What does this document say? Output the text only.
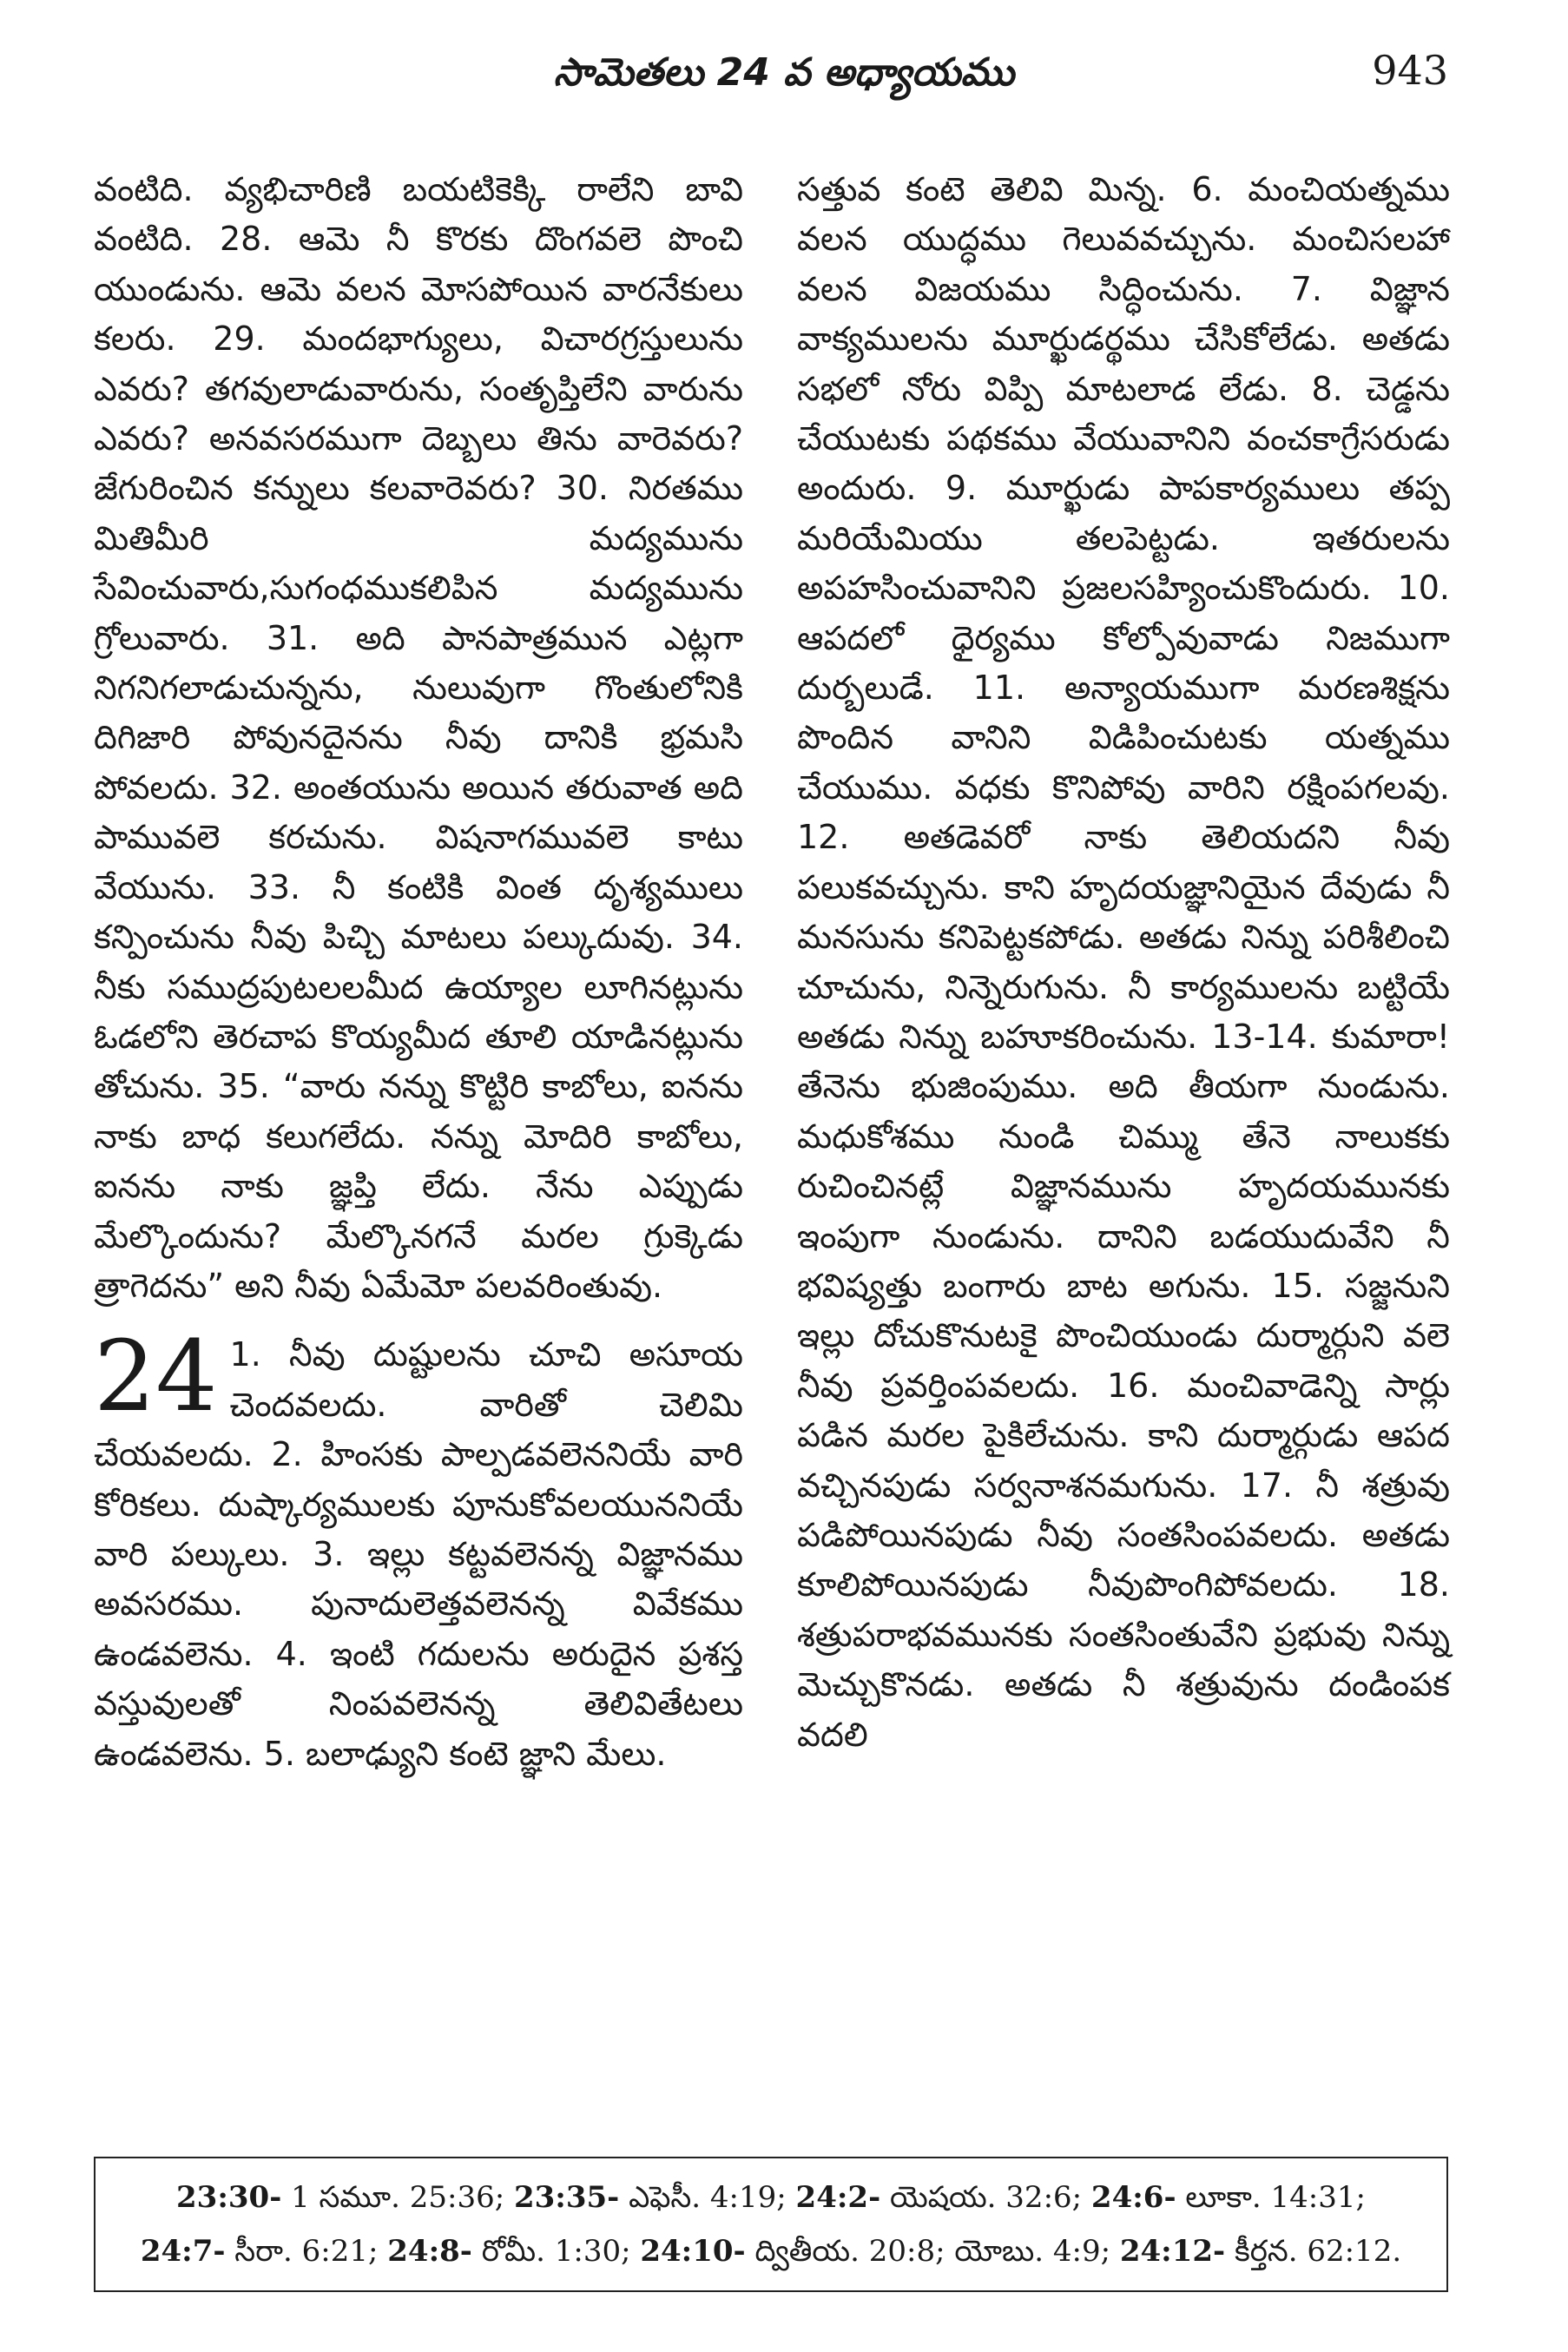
సామెతలు 24 వ అధ్యాయము	943

వంటిది. వ్యభిచారిణి బయటికెక్కి రాలేని బావి వంటిది. 28. ఆమె నీ కొరకు దొంగవలె పొంచి యుండును. ఆమె వలన మోసపోయిన వారనేకులు కలరు. 29. మందభాగ్యులు, విచారగ్రస్తులును ఎవరు? తగవులాడువారును, సంతృప్తిలేని వారును ఎవరు? అనవసరముగా దెబ్బలు తిను వారెవరు? జేగురించిన కన్నులు కలవారెవరు? 30. నిరతము మితిమీరి మద్యమును సేవించువారు,సుగంధముకలిపిన మద్యమును గ్రోలువారు. 31. అది పానపాత్రమున ఎట్లగా నిగనిగలాడుచున్నను, నులువుగా గొంతులోనికి దిగిజారి పోవునదైనను నీవు దానికి భ్రమసి పోవలదు. 32. అంతయును అయిన తరువాత అది పామువలె కరచును. విషనాగమువలె కాటు వేయును. 33. నీ కంటికి వింత దృశ్యములు కన్పించును నీవు పిచ్చి మాటలు పల్కుదువు. 34. నీకు సముద్రపుటలలమీద ఉయ్యాల లూగినట్లును ఓడలోని తెరచాప కొయ్యమీద తూలి యాడినట్లును తోచును. 35. “వారు నన్ను కొట్టిరి కాబోలు, ఐనను నాకు బాధ కలుగలేదు. నన్ను మోదిరి కాబోలు, ఐనను నాకు జ్ఞప్తి లేదు. నేను ఎప్పుడు మేల్కొందును? మేల్కొనగనే మరల గ్రుక్కెడు త్రాగెదను” అని నీవు ఏమేమో పలవరింతువు.

24 1. నీవు దుష్టులను చూచి అసూయ చెందవలదు. వారితో చెలిమి చేయవలదు. 2. హింసకు పాల్పడవలెననియే వారి కోరికలు. దుష్కార్యములకు పూనుకోవలయుననియే వారి పల్కులు. 3. ఇల్లు కట్టవలెనన్న విజ్ఞానము అవసరము. పునాదులెత్తవలెనన్న వివేకము ఉండవలెను. 4. ఇంటి గదులను అరుదైన ప్రశస్త వస్తువులతో నింపవలెనన్న తెలివితేటలు ఉండవలెను. 5. బలాఢ్యుని కంటె జ్ఞాని మేలు.

సత్తువ కంటె తెలివి మిన్న. 6. మంచియత్నము వలన యుద్ధము గెలువవచ్చును. మంచిసలహా వలన విజయము సిద్ధించును. 7. విజ్ఞాన వాక్యములను మూర్ఖుడర్థము చేసికోలేడు. అతడు సభలో నోరు విప్పి మాటలాడ లేడు. 8. చెడ్డను చేయుటకు పథకము వేయువానిని వంచకాగ్రేసరుడు అందురు. 9. మూర్ఖుడు పాపకార్యములు తప్ప మరియేమియు తలపెట్టడు. ఇతరులను అపహసించువానిని ప్రజలసహ్యించుకొందురు. 10. ఆపదలో ధైర్యము కోల్పోవువాడు నిజముగా దుర్బలుడే. 11. అన్యాయముగా మరణశిక్షను పొందిన వానిని విడిపించుటకు యత్నము చేయుము. వధకు కొనిపోవు వారిని రక్షింపగలవు. 12. అతడెవరో నాకు తెలియదని నీవు పలుకవచ్చును. కాని హృదయజ్ఞానియైన దేవుడు నీ మనసును కనిపెట్టకపోడు. అతడు నిన్ను పరిశీలించి చూచును, నిన్నెరుగును. నీ కార్యములను బట్టియే అతడు నిన్ను బహూకరించును. 13-14. కుమారా! తేనెను భుజింపుము. అది తీయగా నుండును. మధుకోశము నుండి చిమ్ము తేనె నాలుకకు రుచించినట్లే విజ్ఞానమును హృదయమునకు ఇంపుగా నుండును. దానిని బడయుదువేని నీ భవిష్యత్తు బంగారు బాట అగును. 15. సజ్జనుని ఇల్లు దోచుకొనుటకై పొంచియుండు దుర్మార్గుని వలె నీవు ప్రవర్తింపవలదు. 16. మంచివాడెన్ని సార్లు పడిన మరల పైకిలేచును. కాని దుర్మార్గుడు ఆపద వచ్చినపుడు సర్వనాశనమగును. 17. నీ శత్రువు పడిపోయినపుడు నీవు సంతసింపవలదు. అతడు కూలిపోయినపుడు నీవుపొంగిపోవలదు. 18. శత్రుపరాభవమునకు సంతసింతువేని ప్రభువు నిన్ను మెచ్చుకొనడు. అతడు నీ శత్రువును దండింపక వదలి

23:30- 1 సమూ. 25:36; 23:35- ఎఫెసీ. 4:19; 24:2- యెషయ. 32:6; 24:6- లూకా. 14:31;
24:7- సీరా. 6:21; 24:8- రోమీ. 1:30; 24:10- ద్వితీయ. 20:8; యోబు. 4:9; 24:12- కీర్తన. 62:12.
